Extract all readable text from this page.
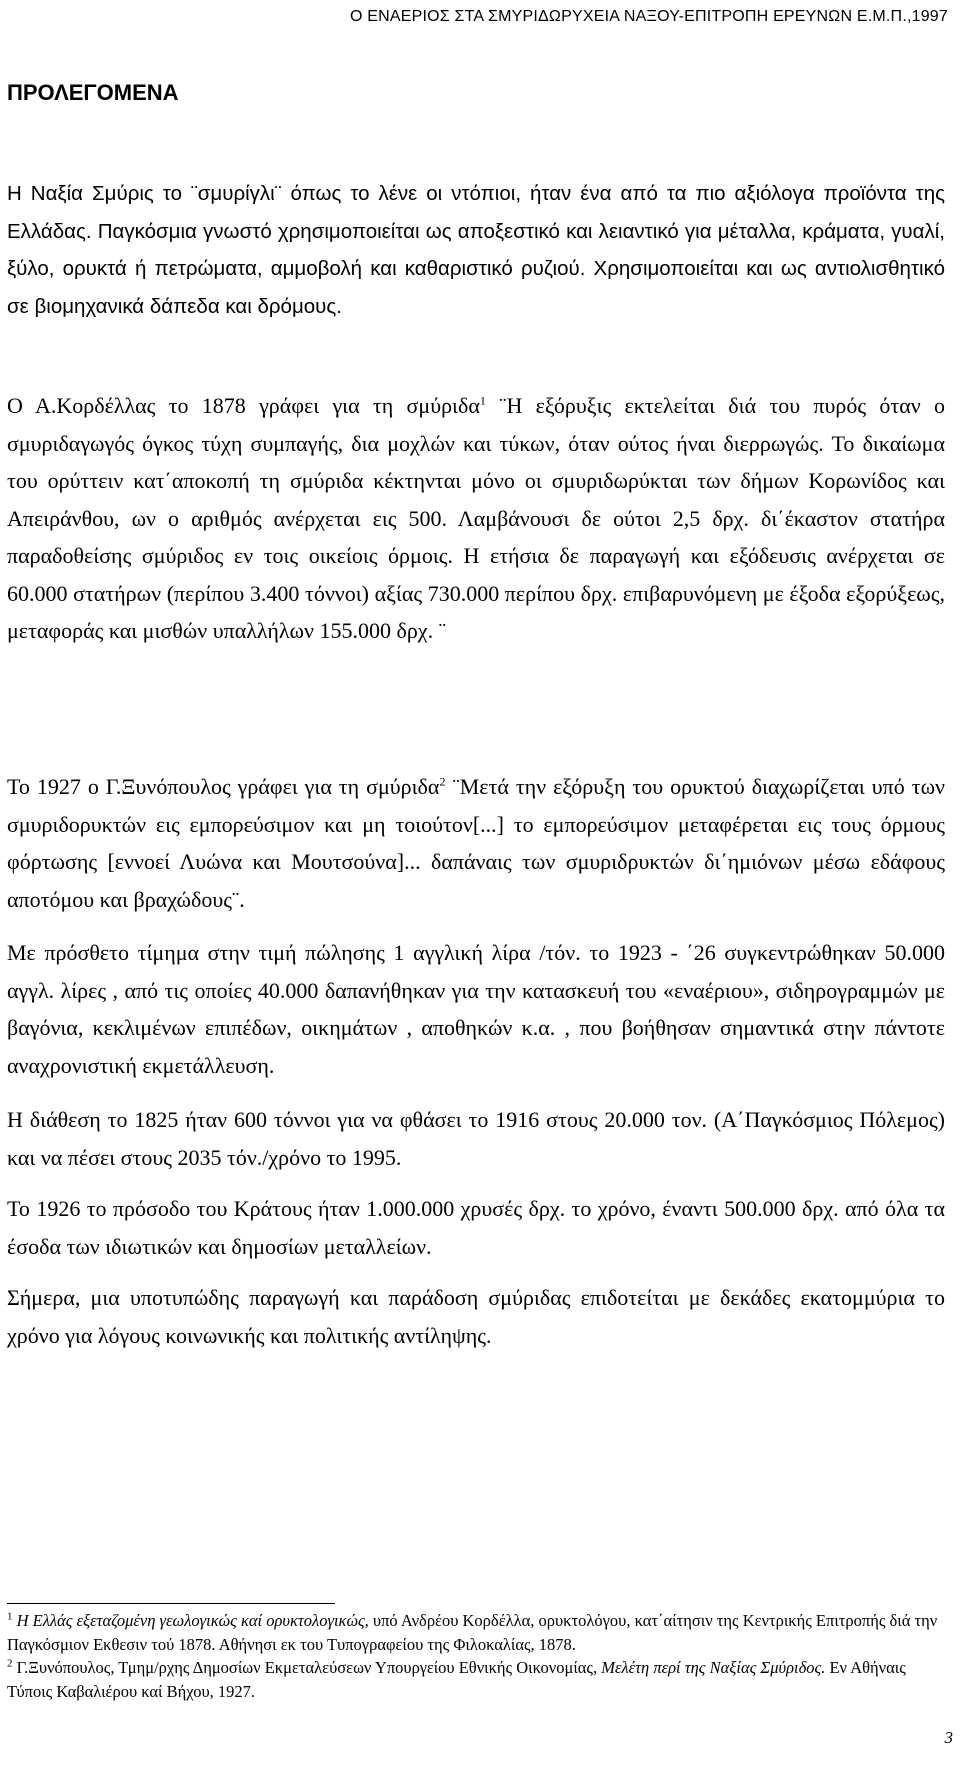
Ο ΕΝΑΕΡΙΟΣ ΣΤΑ ΣΜΥΡΙΔΩΡΥΧΕΙΑ ΝΑΞΟΥ-ΕΠΙΤΡΟΠΗ ΕΡΕΥΝΩΝ Ε.Μ.Π.,1997
ΠΡΟΛΕΓΟΜΕΝΑ

Η Ναξία Σμύρις το ¨σμυρίγλι¨ όπως το λένε οι ντόπιοι, ήταν ένα από τα πιο αξιόλογα προϊόντα της Ελλάδας. Παγκόσμια γνωστό χρησιμοποιείται ως αποξεστικό και λειαντικό για μέταλλα, κράματα, γυαλί, ξύλο, ορυκτά ή πετρώματα, αμμοβολή και καθαριστικό ρυζιού. Χρησιμοποιείται και ως αντιολισθητικό σε βιομηχανικά δάπεδα και δρόμους.

Ο Α.Κορδέλλας το 1878 γράφει για τη σμύριδα$^1$ ¨Η εξόρυξις εκτελείται διά του πυρός όταν ο σμυριδαγωγός όγκος τύχη συμπαγής, δια μοχλών και τύκων, όταν ούτος ήναι διερρωγώς. Το δικαίωμα του ορύττειν κατ΄αποκοπή τη σμύριδα κέκτηνται μόνο οι σμυριδωρύκται των δήμων Κορωνίδος και Απειράνθου, ων ο αριθμός ανέρχεται εις 500. Λαμβάνουσι δε ούτοι 2,5 δρχ. δι΄έκαστον στατήρα παραδοθείσης σμύριδος εν τοις οικείοις όρμοις. Η ετήσια δε παραγωγή και εξόδευσις ανέρχεται σε 60.000 στατήρων (περίπου 3.400 τόννοι) αξίας 730.000 περίπου δρχ. επιβαρυνόμενη με έξοδα εξορύξεως, μεταφοράς και μισθών υπαλλήλων 155.000 δρχ. ¨

Το 1927 ο Γ.Ξυνόπουλος γράφει για τη σμύριδα$^2$ ¨Μετά την εξόρυξη του ορυκτού διαχωρίζεται υπό των σμυριδορυκτών εις εμπορεύσιμον και μη τοιούτον[...] το εμπορεύσιμον μεταφέρεται εις τους όρμους φόρτωσης [εννοεί Λυώνα και Μουτσούνα]... δαπάναις των σμυριδρυκτών δι΄ημιόνων μέσω εδάφους αποτόμου και βραχώδους¨.

Με πρόσθετο τίμημα στην τιμή πώλησης 1 αγγλική λίρα /τόν. το 1923 - ΄26 συγκεντρώθηκαν 50.000 αγγλ. λίρες , από τις οποίες 40.000 δαπανήθηκαν για την κατασκευή του «εναέριου», σιδηρογραμμών με βαγόνια, κεκλιμένων επιπέδων, οικημάτων , αποθηκών κ.α. , που βοήθησαν σημαντικά στην πάντοτε αναχρονιστική εκμετάλλευση.

Η διάθεση το 1825 ήταν 600 τόννοι για να φθάσει το 1916 στους 20.000 τον. (Α΄Παγκόσμιος Πόλεμος) και να πέσει στους 2035 τόν./χρόνο το 1995.

Το 1926 το πρόσοδο του Κράτους ήταν 1.000.000 χρυσές δρχ. το χρόνο, έναντι 500.000 δρχ. από όλα τα έσοδα των ιδιωτικών και δημοσίων μεταλλείων.

Σήμερα, μια υποτυπώδης παραγωγή και παράδοση σμύριδας επιδοτείται με δεκάδες εκατομμύρια το χρόνο για λόγους κοινωνικής και πολιτικής αντίληψης.

$^1$ Η Ελλάς εξεταζομένη γεωλογικώς καί ορυκτολογικώς, υπό Ανδρέου Κορδέλλα, ορυκτολόγου, κατ΄αίτησιν της Κεντρικής Επιτροπής διά την Παγκόσμιον Εκθεσιν τού 1878. Αθήνησι εκ του Τυπογραφείου της Φιλοκαλίας, 1878.

$^2$ Γ.Ξυνόπουλος, Τμημ/ρχης Δημοσίων Εκμεταλεύσεων Υπουργείου Εθνικής Οικονομίας, Μελέτη περί της Ναξίας Σμύριδος. Εν Αθήναις Τύποις Καβαλιέρου καί Βήχου, 1927.

3
